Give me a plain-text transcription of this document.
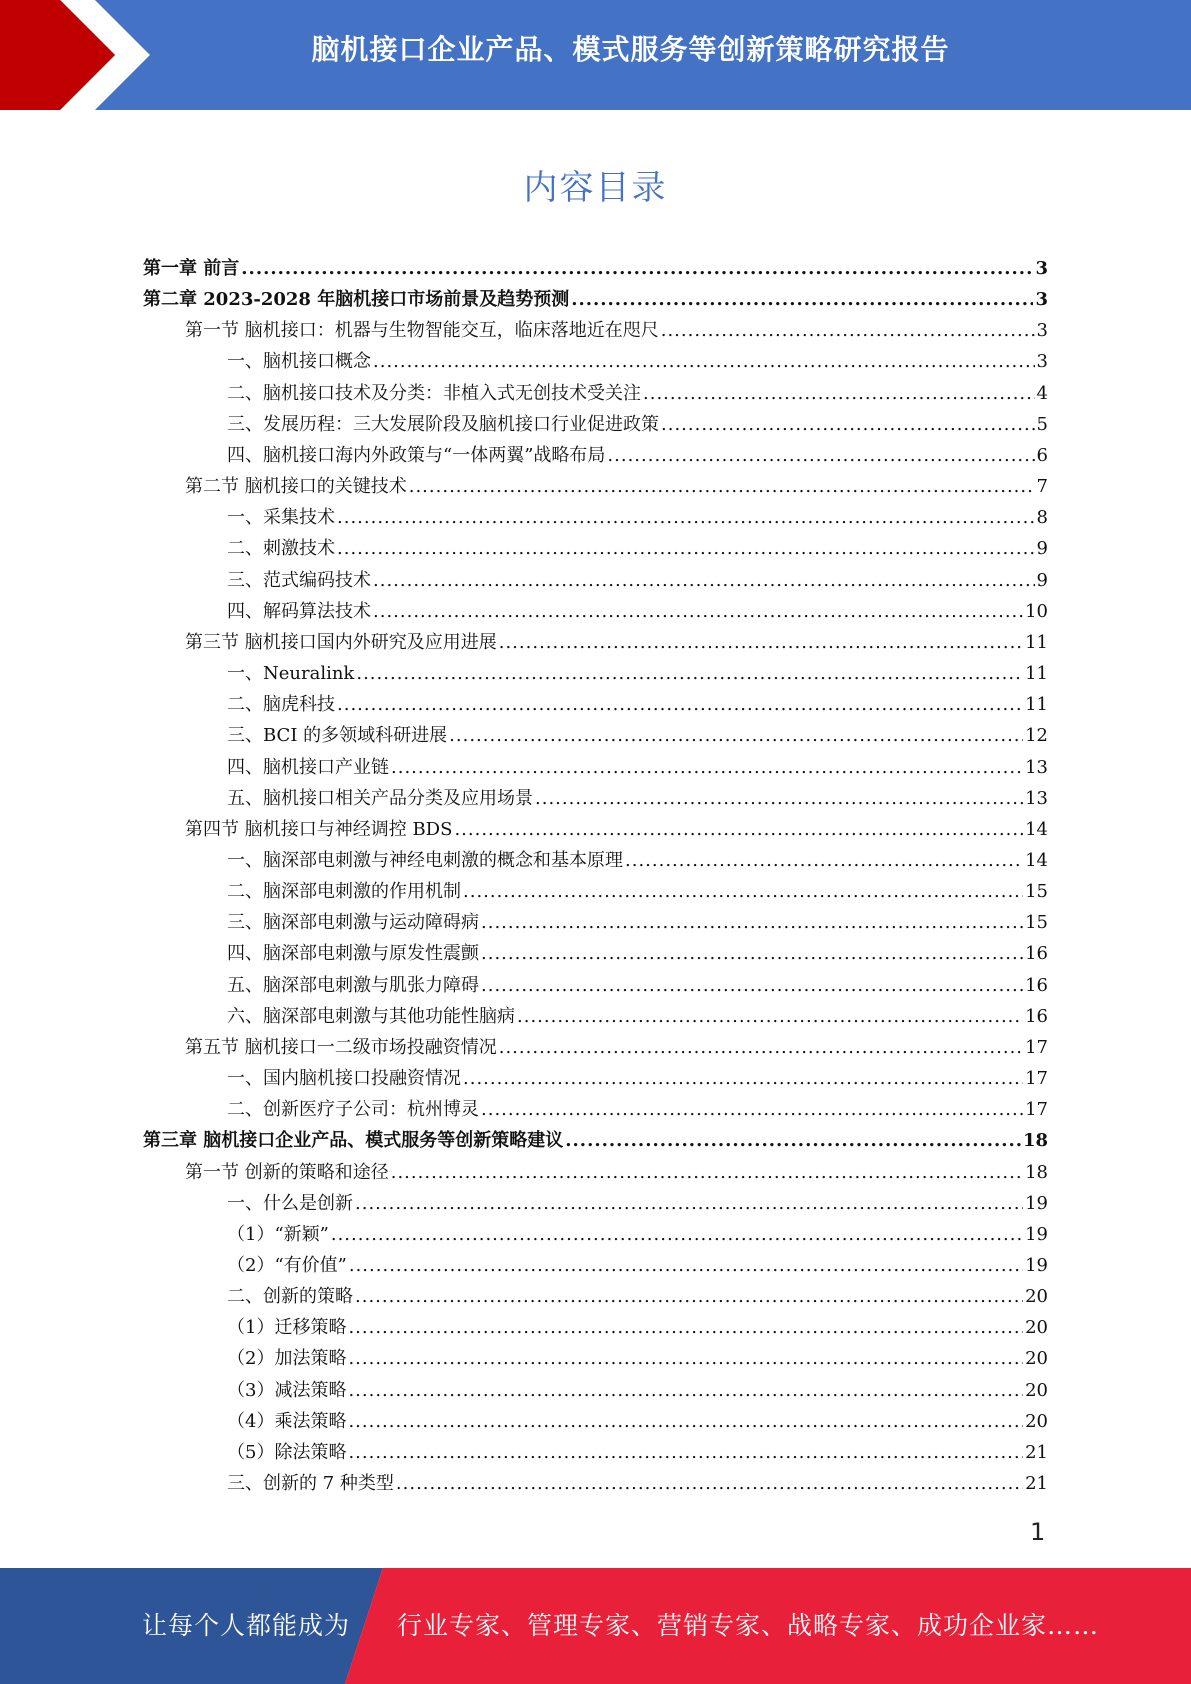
脑机接口企业产品、模式服务等创新策略研究报告
内容目录
第一章 前言 .....	3
第二章 2023-2028 年脑机接口市场前景及趋势预测 .....	3
第一节 脑机接口：机器与生物智能交互，临床落地近在咫尺 .....	3
一、脑机接口概念 .....	3
二、脑机接口技术及分类：非植入式无创技术受关注 .....	4
三、发展历程：三大发展阶段及脑机接口行业促进政策 .....	5
四、脑机接口海内外政策与“一体两翼”战略布局 .....	6
第二节 脑机接口的关键技术 .....	7
一、采集技术 .....	8
二、刺激技术 .....	9
三、范式编码技术 .....	9
四、解码算法技术 .....	10
第三节 脑机接口国内外研究及应用进展 .....	11
一、Neuralink .....	11
二、脑虎科技 .....	11
三、BCI 的多领域科研进展 .....	12
四、脑机接口产业链 .....	13
五、脑机接口相关产品分类及应用场景 .....	13
第四节 脑机接口与神经调控 BDS .....	14
一、脑深部电刺激与神经电刺激的概念和基本原理 .....	14
二、脑深部电刺激的作用机制 .....	15
三、脑深部电刺激与运动障碍病 .....	15
四、脑深部电刺激与原发性震颤 .....	16
五、脑深部电刺激与肌张力障碍 .....	16
六、脑深部电刺激与其他功能性脑病 .....	16
第五节 脑机接口一二级市场投融资情况 .....	17
一、国内脑机接口投融资情况 .....	17
二、创新医疗子公司：杭州博灵 .....	17
第三章 脑机接口企业产品、模式服务等创新策略建议 .....	18
第一节 创新的策略和途径 .....	18
一、什么是创新 .....	19
（1）“新颖” .....	19
（2）“有价值” .....	19
二、创新的策略 .....	20
（1）迁移策略 .....	20
（2）加法策略 .....	20
（3）减法策略 .....	20
（4）乘法策略 .....	20
（5）除法策略 .....	21
三、创新的 7 种类型 .....	21
1
让每个人都能成为 行业专家、管理专家、营销专家、战略专家、成功企业家……
